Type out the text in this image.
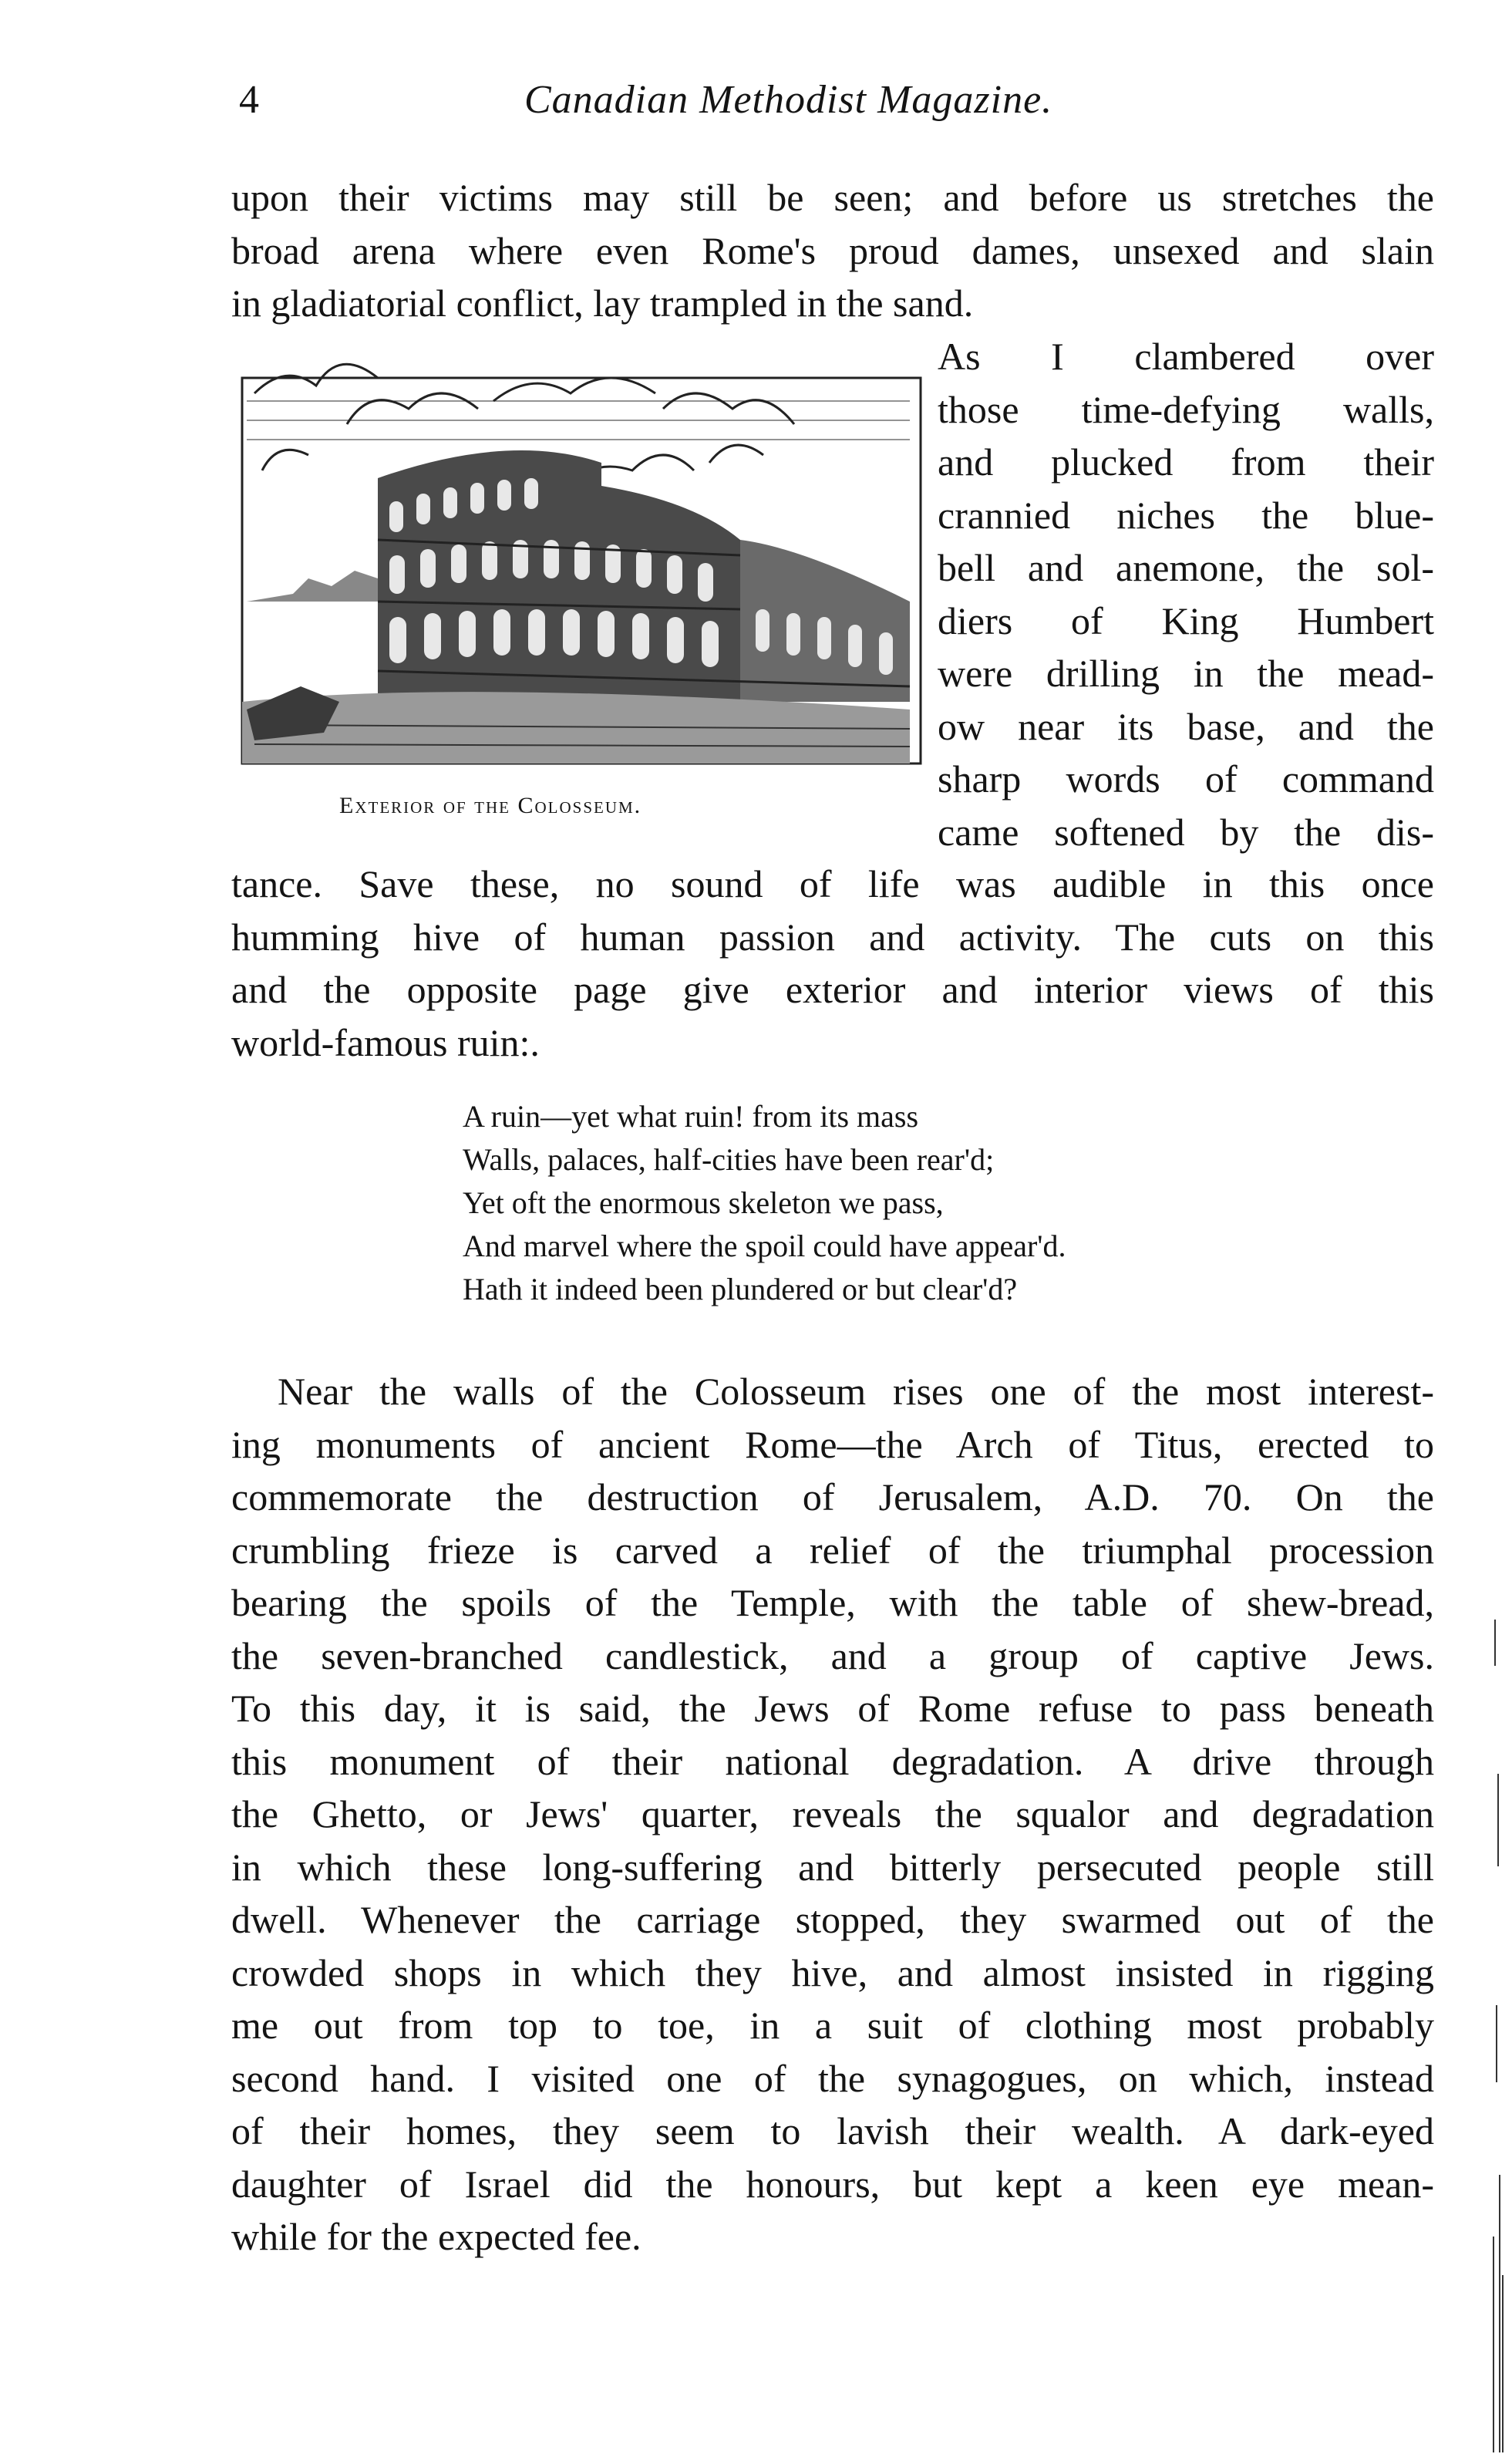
4	Canadian Methodist Magazine.
upon their victims may still be seen; and before us stretches the
broad arena where even Rome's proud dames, unsexed and slain
in gladiatorial conflict, lay trampled in the sand.
Exterior of the Colosseum.
As I clambered over
those time-defying walls,
and plucked from their
crannied niches the blue-
bell and anemone, the sol-
diers of King Humbert
were drilling in the mead-
ow near its base, and the
sharp words of command
came softened by the dis-
tance. Save these, no sound of life was audible in this once
humming hive of human passion and activity. The cuts on this
and the opposite page give exterior and interior views of this
world-famous ruin:.
A ruin—yet what ruin! from its mass
Walls, palaces, half-cities have been rear'd;
Yet oft the enormous skeleton we pass,
And marvel where the spoil could have appear'd.
Hath it indeed been plundered or but clear'd?
Near the walls of the Colosseum rises one of the most interest-
ing monuments of ancient Rome—the Arch of Titus, erected to
commemorate the destruction of Jerusalem, A.D. 70. On the
crumbling frieze is carved a relief of the triumphal procession
bearing the spoils of the Temple, with the table of shew-bread,
the seven-branched candlestick, and a group of captive Jews.
To this day, it is said, the Jews of Rome refuse to pass beneath
this monument of their national degradation. A drive through
the Ghetto, or Jews' quarter, reveals the squalor and degradation
in which these long-suffering and bitterly persecuted people still
dwell. Whenever the carriage stopped, they swarmed out of the
crowded shops in which they hive, and almost insisted in rigging
me out from top to toe, in a suit of clothing most probably
second hand. I visited one of the synagogues, on which, instead
of their homes, they seem to lavish their wealth. A dark-eyed
daughter of Israel did the honours, but kept a keen eye mean-
while for the expected fee.
